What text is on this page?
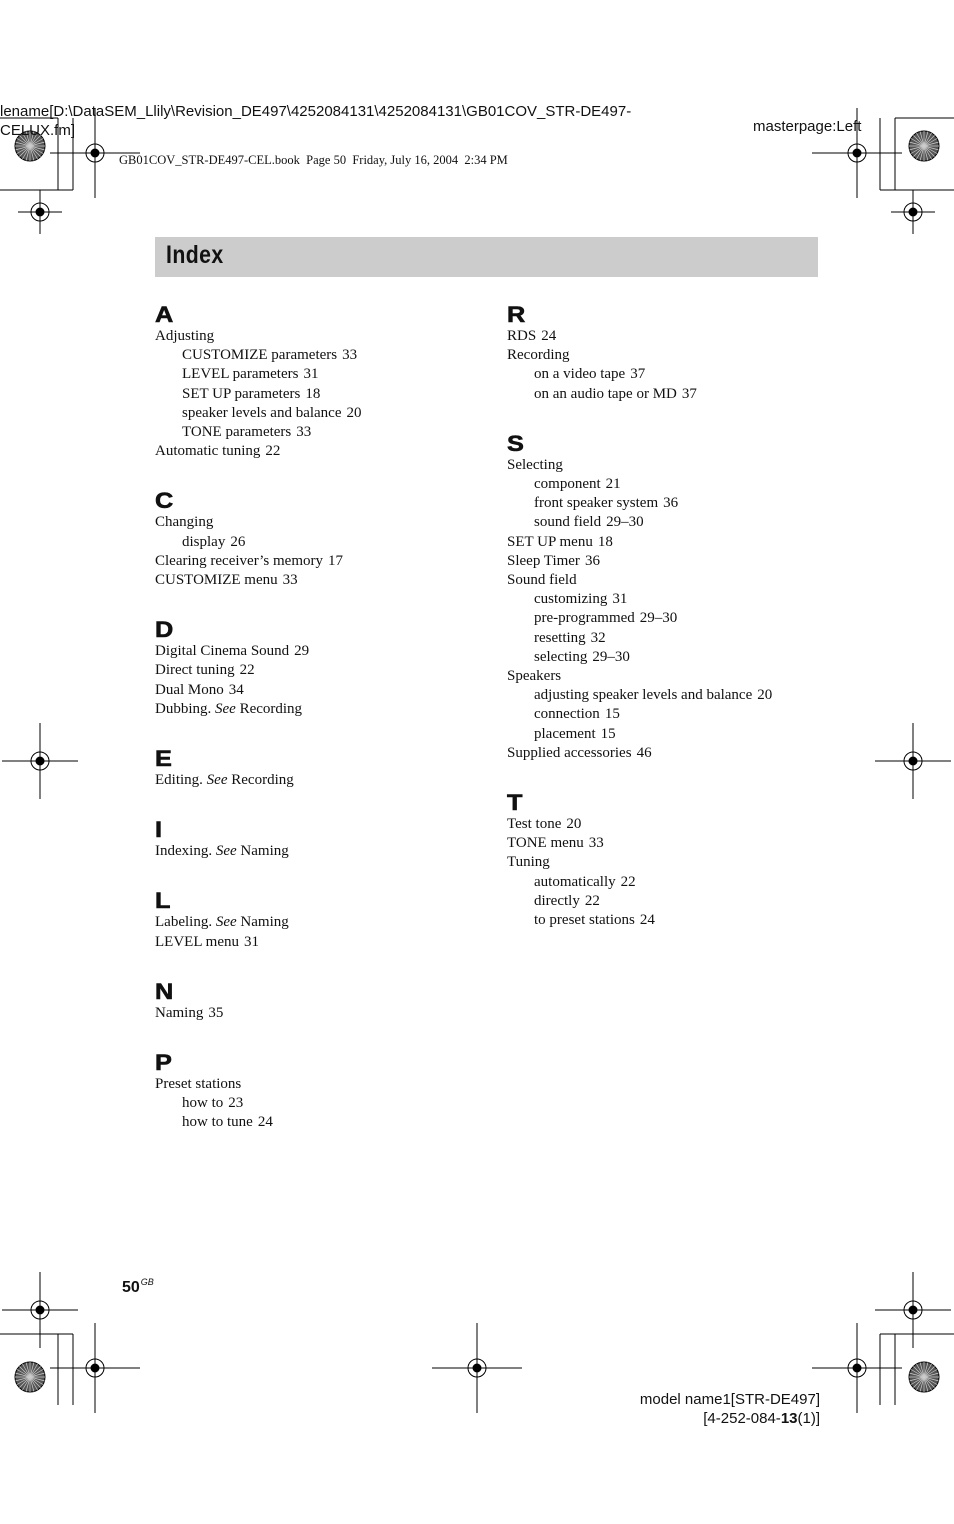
lename[D:\DataSEM_Llily\Revision_DE497\4252084131\4252084131\GB01COV_STR-DE497-
CELUX.fm]	masterpage:Left
GB01COV_STR-DE497-CEL.book  Page 50  Friday, July 16, 2004  2:34 PM
Index
A
Adjusting
CUSTOMIZE parameters 33
LEVEL parameters 31
SET UP parameters 18
speaker levels and balance 20
TONE parameters 33
Automatic tuning 22
C
Changing
display 26
Clearing receiver’s memory 17
CUSTOMIZE menu 33
D
Digital Cinema Sound 29
Direct tuning 22
Dual Mono 34
Dubbing. See Recording
E
Editing. See Recording
I
Indexing. See Naming
L
Labeling. See Naming
LEVEL menu 31
N
Naming 35
P
Preset stations
how to 23
how to tune 24
R
RDS 24
Recording
on a video tape 37
on an audio tape or MD 37
S
Selecting
component 21
front speaker system 36
sound field 29–30
SET UP menu 18
Sleep Timer 36
Sound field
customizing 31
pre-programmed 29–30
resetting 32
selecting 29–30
Speakers
adjusting speaker levels and balance 20
connection 15
placement 15
Supplied accessories 46
T
Test tone 20
TONE menu 33
Tuning
automatically 22
directly 22
to preset stations 24
$50^{GB}$
model name1[STR-DE497]
[4-252-084-13(1)]
